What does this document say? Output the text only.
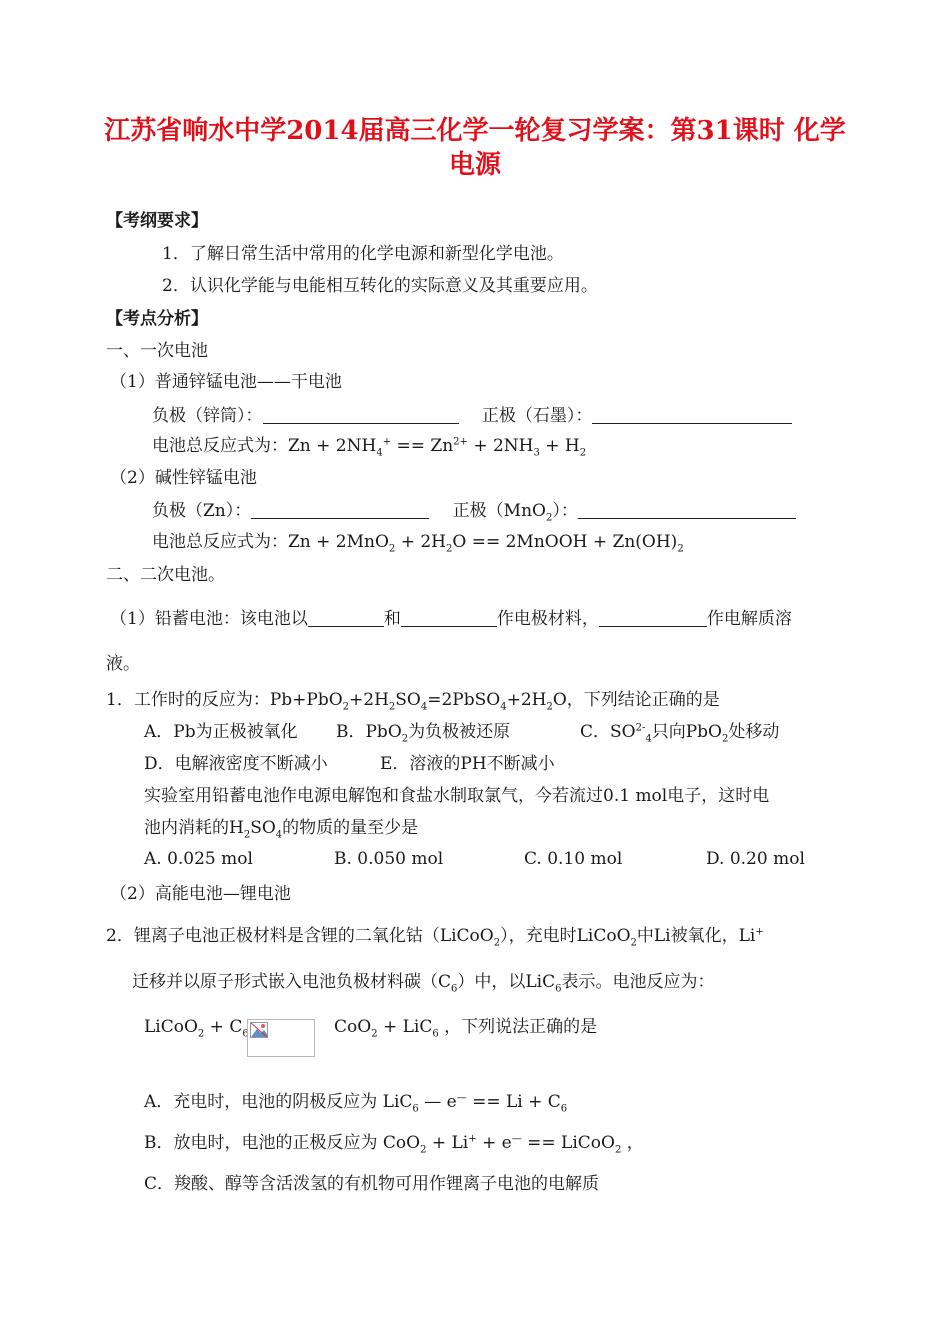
江苏省响水中学2014届高三化学一轮复习学案：第31课时 化学
电源
【考纲要求】
1．了解日常生活中常用的化学电源和新型化学电池。
2．认识化学能与电能相互转化的实际意义及其重要应用。
【考点分析】
一、一次电池
（1）普通锌锰电池——干电池
负极（锌筒）：	正极（石墨）：
电池总反应式为：$Zn + 2NH_4^+ == Zn^{2+} + 2NH_3 + H_2$
（2）碱性锌锰电池
负极（Zn）：	正极（MnO$_2$）：
电池总反应式为：$Zn + 2MnO_2 + 2H_2O$ == 2MnOOH + $Zn(OH)_2$
二、二次电池。
（1）铅蓄电池：该电池以	和	作电极材料，	作电解质溶
液。
1．工作时的反应为：$Pb+PbO_2+2H_2SO_4=2PbSO_4+2H_2O$，下列结论正确的是
A．Pb为正极被氧化 B．PbO$_2$为负极被还原	C．$SO^{2-}_4$只向PbO$_2$处移动
D．电解液密度不断减小	E．溶液的PH不断减小
实验室用铅蓄电池作电源电解饱和食盐水制取氯气，今若流过0.1 mol电子，这时电
池内消耗的$H_2SO_4$的物质的量至少是
A. 0.025 mol	B. 0.050 mol	C. 0.10 mol	D. 0.20 mol
（2）高能电池—锂电池
2．锂离子电池正极材料是含锂的二氧化钴（LiCoO$_2$），充电时LiCoO$_2$中Li被氧化，Li+
迁移并以原子形式嵌入电池负极材料碳$(C_6)$中，以LiC$_6$表示。电池反应为：
LiCoO$_2$ + $C_6$	CoO$_2$ + LiC$_6$ ，下列说法正确的是
A．充电时，电池的阴极反应为 LiC$_6$ — $e^— == Li + C_6$
B．放电时，电池的正极反应为 CoO$_2$ + Li+ + e— == LiCoO$_2$ ，
C．羧酸、醇等含活泼氢的有机物可用作锂离子电池的电解质
